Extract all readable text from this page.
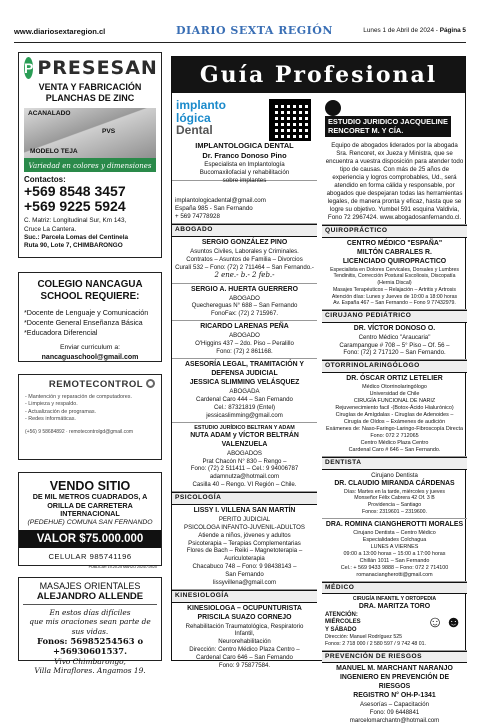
www.diariosextaregion.cl	DIARIO SEXTA REGIÓN	Lunes 1 de Abril de 2024 - Página 5
P PRESESAN
VENTA Y FABRICACIÓN PLANCHAS DE ZINC
ACANALADO
PVS
MODELO TEJA
Variedad en colores y dimensiones
Contactos:
+569 8548 3457
+569 9225 5924
C. Matriz: Longitudinal Sur, Km 143,
Cruce La Cantera.
Suc.: Parcela Lomas del Centinela
Ruta 90, Lote 7, CHIMBARONGO
COLEGIO NANCAGUA SCHOOL REQUIERE:
*Docente de Lenguaje y Comunicación
*Docente General Enseñanza Básica
*Educadora Diferencial
Enviar curriculum a:
nancaguaschool@gmail.com
REMOTECONTROL
- Mantención y reparación de computadores.
- Limpieza y respaldo.
- Actualización de programas.
- Redes informáticas.
(+56) 9 58684892 · remotecontrolgd@gmail.com
VENDO SITIO
DE MIL METROS CUADRADOS, A ORILLA DE CARRETERA INTERNACIONAL
(PEDEHUE) COMUNA SAN FERNANDO
VALOR $75.000.000
CELULAR 985741196
PUBLICAR 19-20-25 MARZO 2024/719/20
MASAJES ORIENTALES
ALEJANDRO ALLENDE
En estos días difíciles
que mis oraciones sean parte de sus vidas.
Fonos: 56985254563 o +56930601537.
Vivo Chimbarongo,
Villa Miraflores. Angamos 19.
Guía Profesional
implanto
lógica
Dental
IMPLANTOLOGICA DENTAL
Dr. Franco Donoso Pino
Especialista en Implantología
Bucomaxilofacial y rehabilitación
sobre implantes
implantologicadental@gmail.com
España 985 - San Fernando
+ 569 74778928
ABOGADO
SERGIO GONZÁLEZ PINO
Asuntos Civiles, Laborales y Criminales.
Contratos – Asuntos de Familia – Divorcios
Curalí 532 – Fono: (72) 2 711464 – San Fernando.-
2 ene.- b.- 2 feb.-
SERGIO A. HUERTA GUERRERO
ABOGADO
Quechereguas N° 688 – San Fernando
FonoFax: (72) 2 715967.
RICARDO LARENAS PEÑA
ABOGADO
O'Higgins 437 – 2do. Piso – Peralillo
Fono: (72) 2 861168.
ASESORÍA LEGAL, TRAMITACIÓN Y DEFENSA JUDICIAL
JESSICA SLIMMING VELÁSQUEZ
ABOGADA
Cardenal Caro 444 – San Fernando
Cel.: 87321819 (Entel)
jessicaslimming@gmail.com
ESTUDIO JURÍDICO BELTRAN Y ADAM
NUTA ADAM y VÍCTOR BELTRÁN VALENZUELA
ABOGADOS
Prat Chacón N° 830 – Rengo –
Fono: (72) 2 511411 – Cel.: 9 94006787
adamnutza@hotmail.com
Casilla 40 – Rengo. VI Región – Chile.
PSICOLOGÍA
LISSY I. VILLENA SAN MARTÍN
PERITO JUDICIAL
PSICOLOGA INFANTO-JUVENIL-ADULTOS
Atiende a niños, jóvenes y adultos
Psicoterapia – Terapias Complementarias
Flores de Bach – Reiki – Magnetoterapia –
Auriculoterapia
Chacabuco 748 – Fono: 9 98438143 –
San Fernando
lissyvillena@gmail.com
KINESIOLOGÍA
KINESIOLOGA – OCUPUNTURISTA
PRISCILA SUAZO CORNEJO
Rehabilitación Traumatológica, Respiratorio Infantil,
Neurorehabilitación
Dirección: Centro Médico Plaza Centro –
Cardenal Caro 646 – San Fernando
Fono: 9 75877584.
ESTUDIO JURIDICO JACQUELINE
RENCORET M. Y CÍA.
Equipo de abogados liderados por la abogada Sra. Rencoret, ex Jueza y Ministra, que se encuentra a vuestra disposición para atender todo tipo de causas. Con más de 25 años de experiencia y logros comprobables, Ud., será atendido en forma cálida y responsable, por abogados que despejaran todas las herramientas legales, de manera pronta y eficaz, hasta que se logre su objetivo. Yumbel 591 esquina Valdivia, Fono 72 2967424. www.abogadosanfernando.cl.
QUIROPRÁCTICO
CENTRO MÉDICO "ESPAÑA"
MILTÓN CABRALES R.
LICENCIADO QUIROPRACTICO
Especialista en Dolores Cervicales, Dorsales y Lumbres
Tendinitis, Corrección Postural Escoliosis, Discopatía (Hernia Discal)
Masajes Terapéuticos – Relajación – Artritis y Artrosis
Atención días: Lunes y Jueves de 10:00 a 18:00 horas
Av. España 467 – San Fernando – Fono 9 77432979.
CIRUJANO PEDIÁTRICO
DR. VÍCTOR DONOSO O.
Centro Médico "Araucaria"
Carampangue # 708 – 5° Piso – Of. 56 –
Fono: (72) 2 717120 – San Fernando.
OTORRINOLARINGÓLOGO
DR. ÓSCAR ORTIZ LETELIER
Médico Otorrinolaringólogo
Universidad de Chile
CIRUGÍA FUNCIONAL DE NARIZ
Rejuvenecimiento facil -(Botox-Ácido Hialurónico)
Cirugías de Amígdalas - Cirugías de Adenoides –
Cirugía de Oídos – Exámenes de audición
Exámenes de: Naso-Faringo-Laringo-Fibroscopía Directa
Fono: 072 2 712065
Centro Médico Plaza Centro
Cardenal Caro # 646 – San Fernando.
DENTISTA
Cirujano Dentista
DR. CLAUDIO MIRANDA CÁRDENAS
Días: Martes en la tarde, miércoles y jueves
Monseñor Félix Cabrera 42 Of. 3 B
Providencia – Santiago
Fonos: 2319601 – 2319600.
DRA. ROMINA CIANGHEROTTI MORALES
Cirujano Dentista – Centro Médico
Especialidades Colchagua
LUNES A VIERNES
09:00 a 13:00 horas – 15:00 a 17:00 horas
Chillán 1011 – San Fernando
Cel.: + 569 9433 9888 – Fono: 072 2 714100
romanaciangherotti@gmail.com
MÉDICO
CIRUGÍA INFANTIL Y ORTOPEDIA
DRA. MARITZA TORO
ATENCIÓN:
MIÉRCOLES
Y SÁBADO	☺☻
Dirección: Manuel Rodríguez 525
Fonos: 2 718 000 / 2 580 597 / 9 742 48 01.
PREVENCIÓN DE RIESGOS
MANUEL M. MARCHANT NARANJO
INGENIERO EN PREVENCIÓN DE RIESGOS
REGISTRO N° OH-P-1341
Asesorías – Capacitación
Fono: 09 6448841
marcelomarchantn@hotmail.com
